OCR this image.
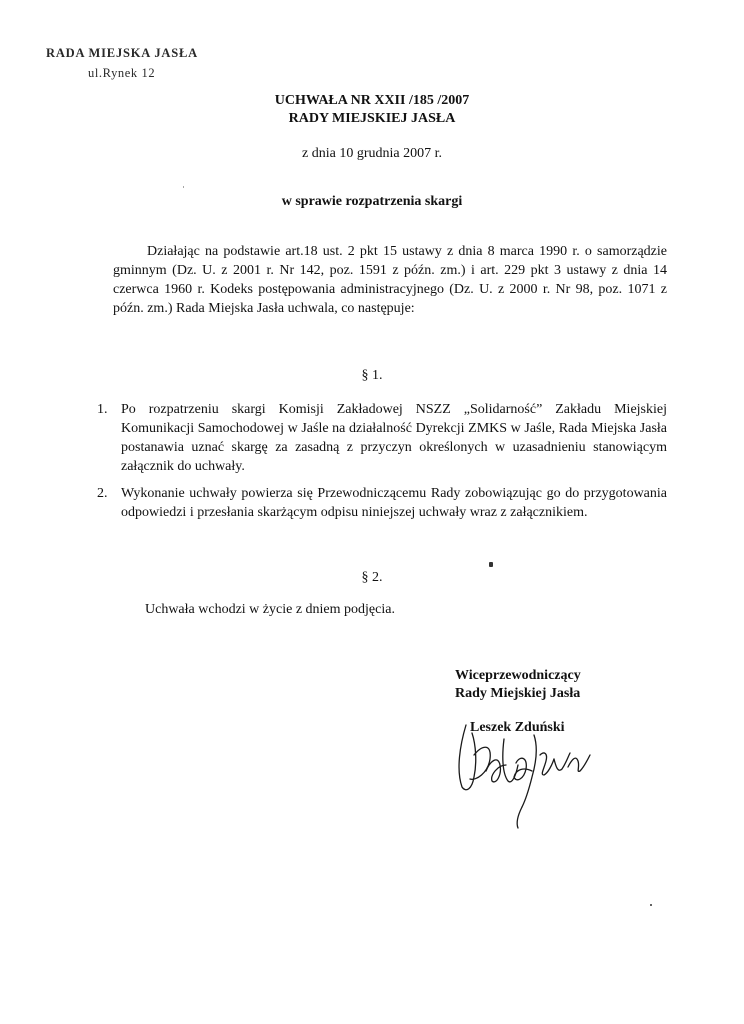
RADA MIEJSKA JASŁA
ul.Rynek 12
UCHWAŁA NR XXII /185 /2007
RADY MIEJSKIEJ JASŁA
z dnia 10 grudnia 2007 r.
w sprawie rozpatrzenia skargi
Działając na podstawie art.18 ust. 2 pkt 15 ustawy z dnia 8 marca 1990 r. o samorządzie gminnym (Dz. U. z 2001 r. Nr 142, poz. 1591 z późn. zm.) i art. 229 pkt 3 ustawy z dnia 14 czerwca 1960 r. Kodeks postępowania administracyjnego (Dz. U. z 2000 r. Nr 98, poz. 1071 z późn. zm.) Rada Miejska Jasła uchwala, co następuje:
§ 1.
1. Po rozpatrzeniu skargi Komisji Zakładowej NSZZ „Solidarność” Zakładu Miejskiej Komunikacji Samochodowej w Jaśle na działalność Dyrekcji ZMKS w Jaśle, Rada Miejska Jasła postanawia uznać skargę za zasadną z przyczyn określonych w uzasadnieniu stanowiącym załącznik do uchwały.
2. Wykonanie uchwały powierza się Przewodniczącemu Rady zobowiązując go do przygotowania odpowiedzi i przesłania skarżącym odpisu niniejszej uchwały wraz z załącznikiem.
§ 2.
Uchwała wchodzi w życie z dniem podjęcia.
Wiceprzewodniczący
Rady Miejskiej Jasła
Leszek Zduński
